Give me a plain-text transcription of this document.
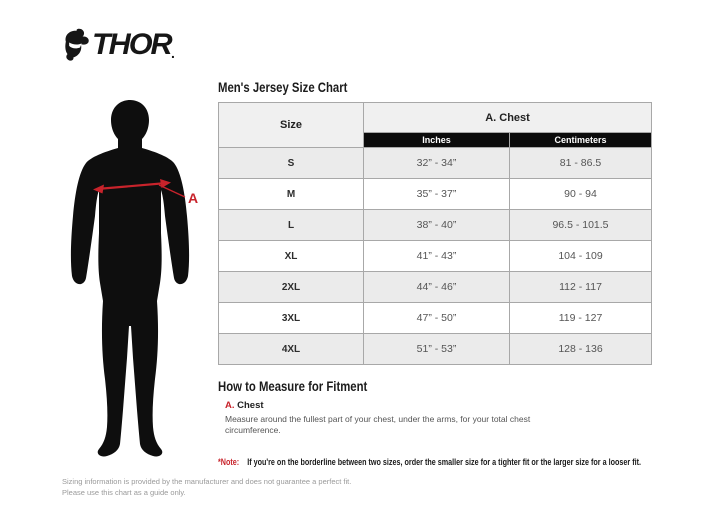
THOR .
A
Men's Jersey Size Chart
Size	A. Chest	
	Inches	Centimeters
S	32” - 34”	81 - 86.5
M	35” - 37”	90 - 94
L	38” - 40”	96.5 - 101.5
XL	41” - 43”	104 - 109
2XL	44” - 46”	112 - 117
3XL	47” - 50”	119 - 127
4XL	51” - 53”	128 - 136
How to Measure for Fitment
A. Chest
Measure around the fullest part of your chest, under the arms, for your total chest circumference.
*Note: If you're on the borderline between two sizes, order the smaller size for a tighter fit or the larger size for a looser fit.
Sizing information is provided by the manufacturer and does not guarantee a perfect fit.
Please use this chart as a guide only.
